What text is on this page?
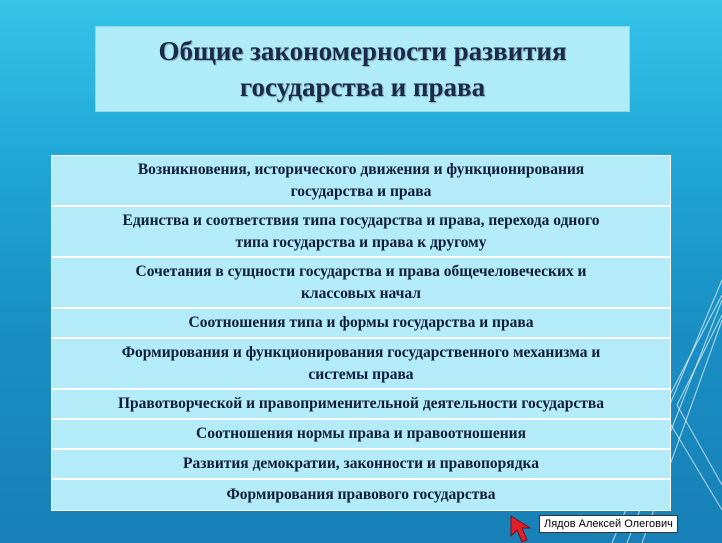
Общие закономерности развития
государства и права
Возникновения, исторического движения и функционирования
государства и права
Единства и соответствия типа государства и права, перехода одного
типа государства и права к другому
Сочетания в сущности государства и права общечеловеческих и
классовых начал
Соотношения типа и формы государства и права
Формирования и функционирования государственного механизма и
системы права
Правотворческой и правоприменительной деятельности государства
Соотношения нормы права и правоотношения
Развития демократии, законности и правопорядка
Формирования правового государства
Лядов Алексей Олегович
